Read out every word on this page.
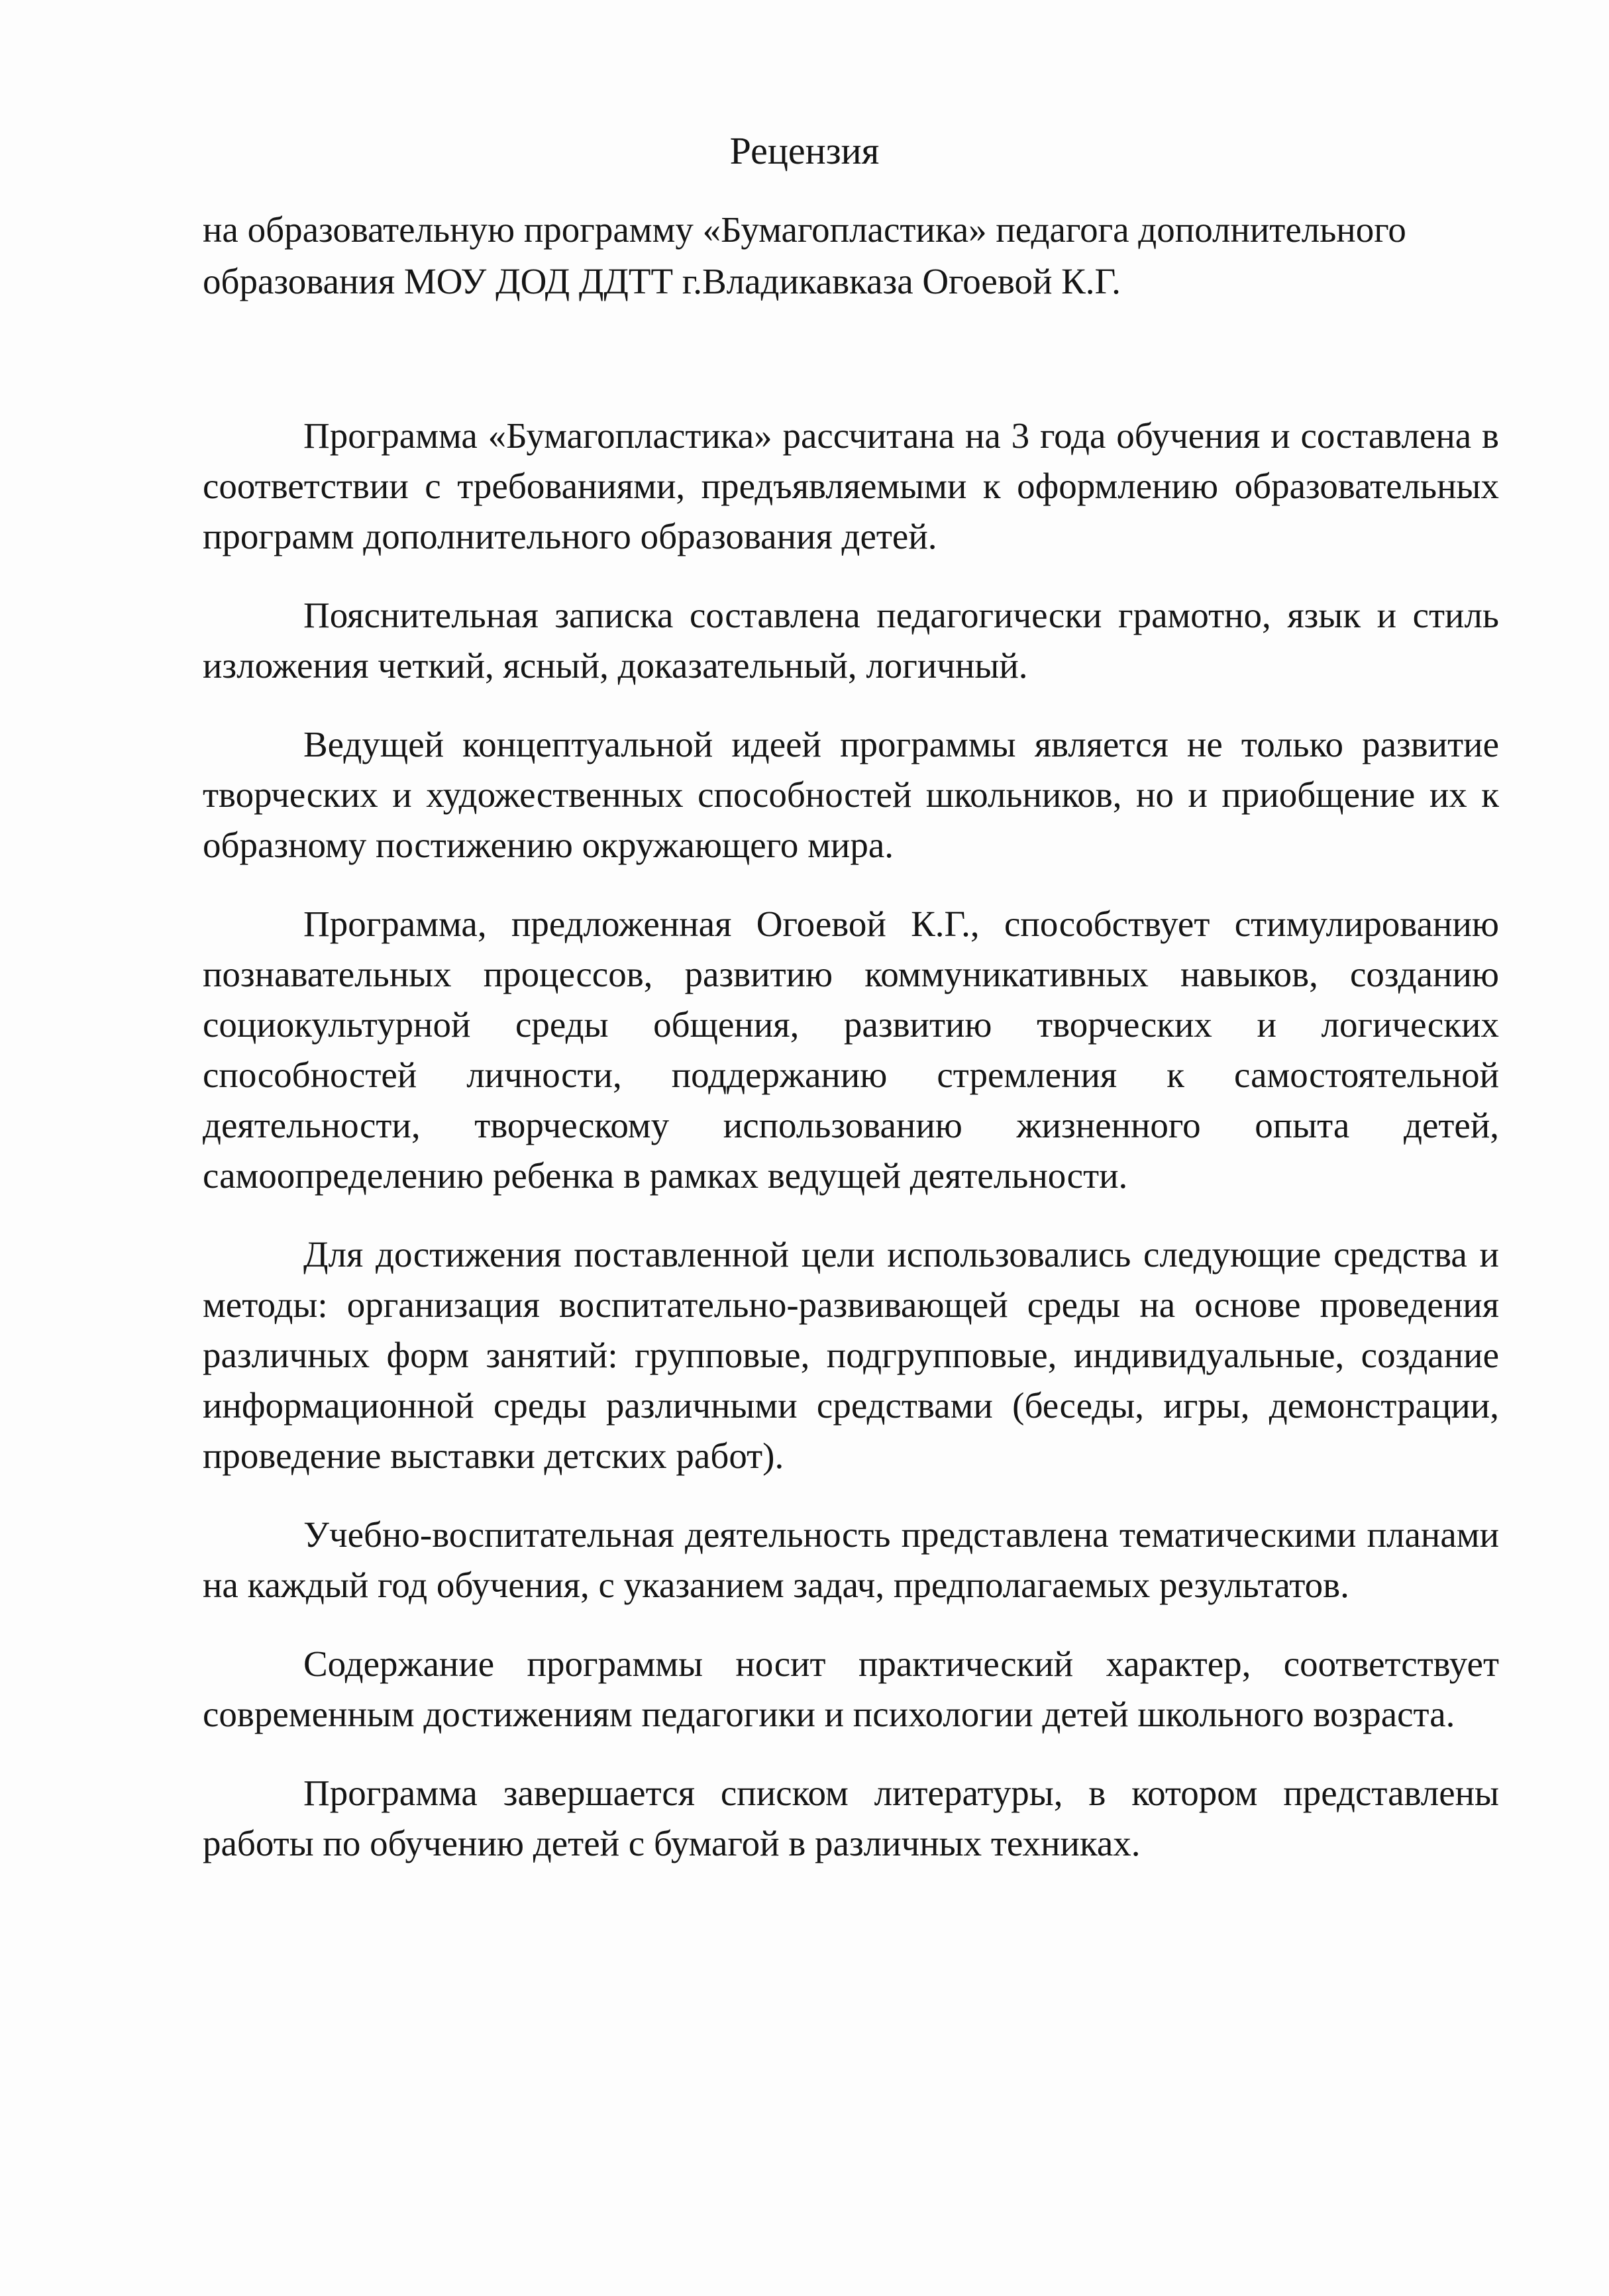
Рецензия

на образовательную программу «Бумагопластика» педагога дополнительного образования МОУ ДОД ДДТТ г.Владикавказа Огоевой К.Г.

Программа «Бумагопластика» рассчитана на 3 года обучения и составлена в соответствии с требованиями, предъявляемыми к оформлению образовательных программ дополнительного образования детей.

Пояснительная записка составлена педагогически грамотно, язык и стиль изложения четкий, ясный, доказательный, логичный.

Ведущей концептуальной идеей программы является не только развитие творческих и художественных способностей школьников, но и приобщение их к образному постижению окружающего мира.

Программа, предложенная Огоевой К.Г., способствует стимулированию познавательных процессов, развитию коммуникативных навыков, созданию социокультурной среды общения, развитию творческих и логических способностей личности, поддержанию стремления к самостоятельной деятельности, творческому использованию жизненного опыта детей, самоопределению ребенка в рамках ведущей деятельности.

Для достижения поставленной цели использовались следующие средства и методы: организация воспитательно-развивающей среды на основе проведения различных форм занятий: групповые, подгрупповые, индивидуальные, создание информационной среды различными средствами (беседы, игры, демонстрации, проведение выставки детских работ).

Учебно-воспитательная деятельность представлена тематическими планами на каждый год обучения, с указанием задач, предполагаемых результатов.

Содержание программы носит практический характер, соответствует современным достижениям педагогики и психологии детей школьного возраста.

Программа завершается списком литературы, в котором представлены работы по обучению детей с бумагой в различных техниках.
